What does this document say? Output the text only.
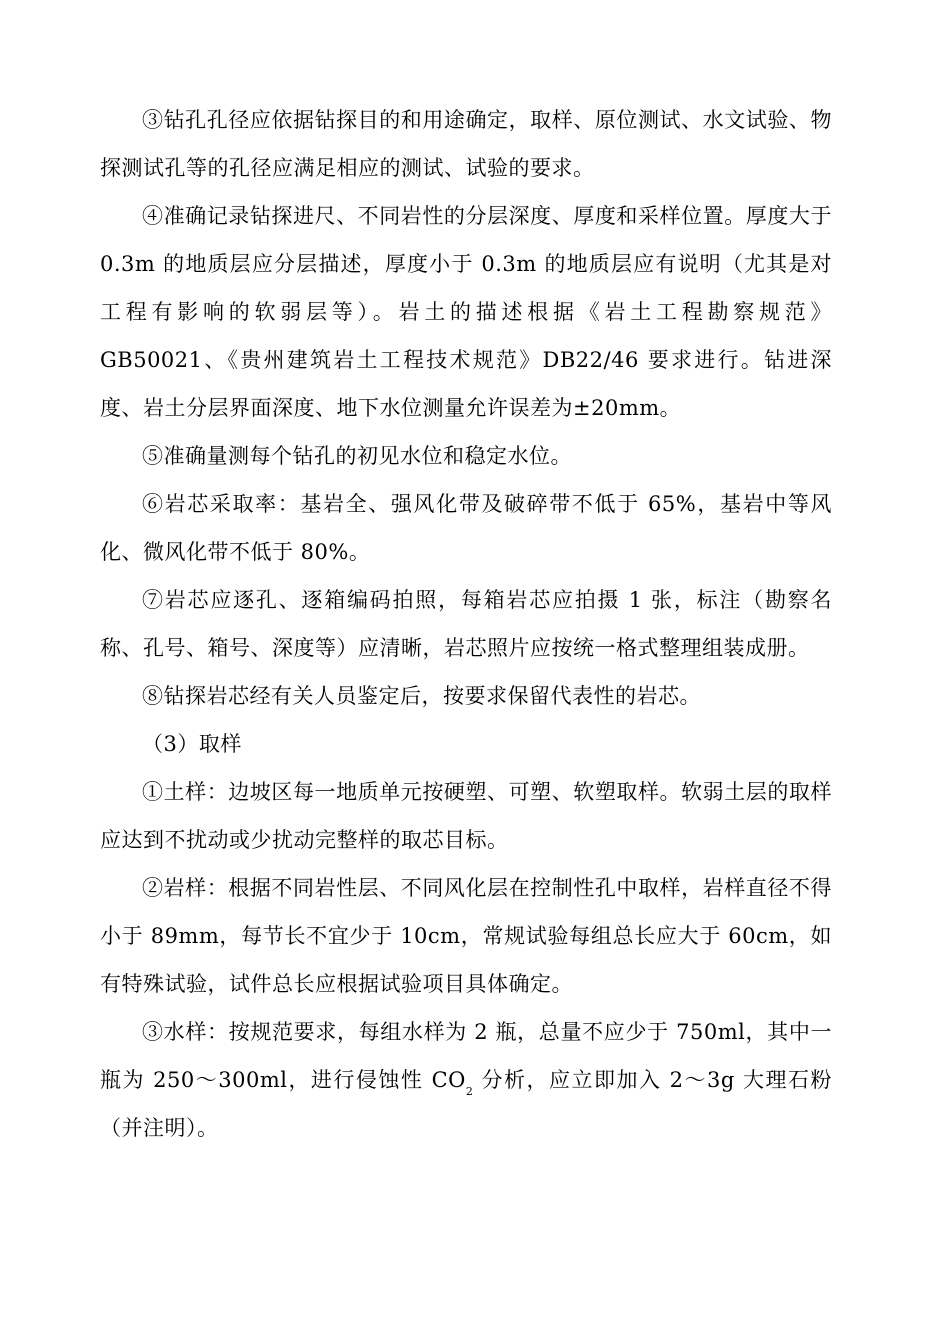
③钻孔孔径应依据钻探目的和用途确定，取样、原位测试、水文试验、物探测试孔等的孔径应满足相应的测试、试验的要求。

④准确记录钻探进尺、不同岩性的分层深度、厚度和采样位置。厚度大于 0.3m 的地质层应分层描述，厚度小于 0.3m 的地质层应有说明（尤其是对工程有影响的软弱层等）。岩土的描述根据《岩土工程勘察规范》GB50021、《贵州建筑岩土工程技术规范》DB22/46 要求进行。钻进深度、岩土分层界面深度、地下水位测量允许误差为±20mm。

⑤准确量测每个钻孔的初见水位和稳定水位。

⑥岩芯采取率：基岩全、强风化带及破碎带不低于 65%，基岩中等风化、微风化带不低于 80%。

⑦岩芯应逐孔、逐箱编码拍照，每箱岩芯应拍摄 1 张，标注（勘察名称、孔号、箱号、深度等）应清晰，岩芯照片应按统一格式整理组装成册。

⑧钻探岩芯经有关人员鉴定后，按要求保留代表性的岩芯。

（3）取样

①土样：边坡区每一地质单元按硬塑、可塑、软塑取样。软弱土层的取样应达到不扰动或少扰动完整样的取芯目标。

②岩样：根据不同岩性层、不同风化层在控制性孔中取样，岩样直径不得小于 89mm，每节长不宜少于 10cm，常规试验每组总长应大于 60cm，如有特殊试验，试件总长应根据试验项目具体确定。

③水样：按规范要求，每组水样为 2 瓶，总量不应少于 750ml，其中一瓶为 250～300ml，进行侵蚀性 $CO_2$ 分析，应立即加入 2～3g 大理石粉（并注明）。
